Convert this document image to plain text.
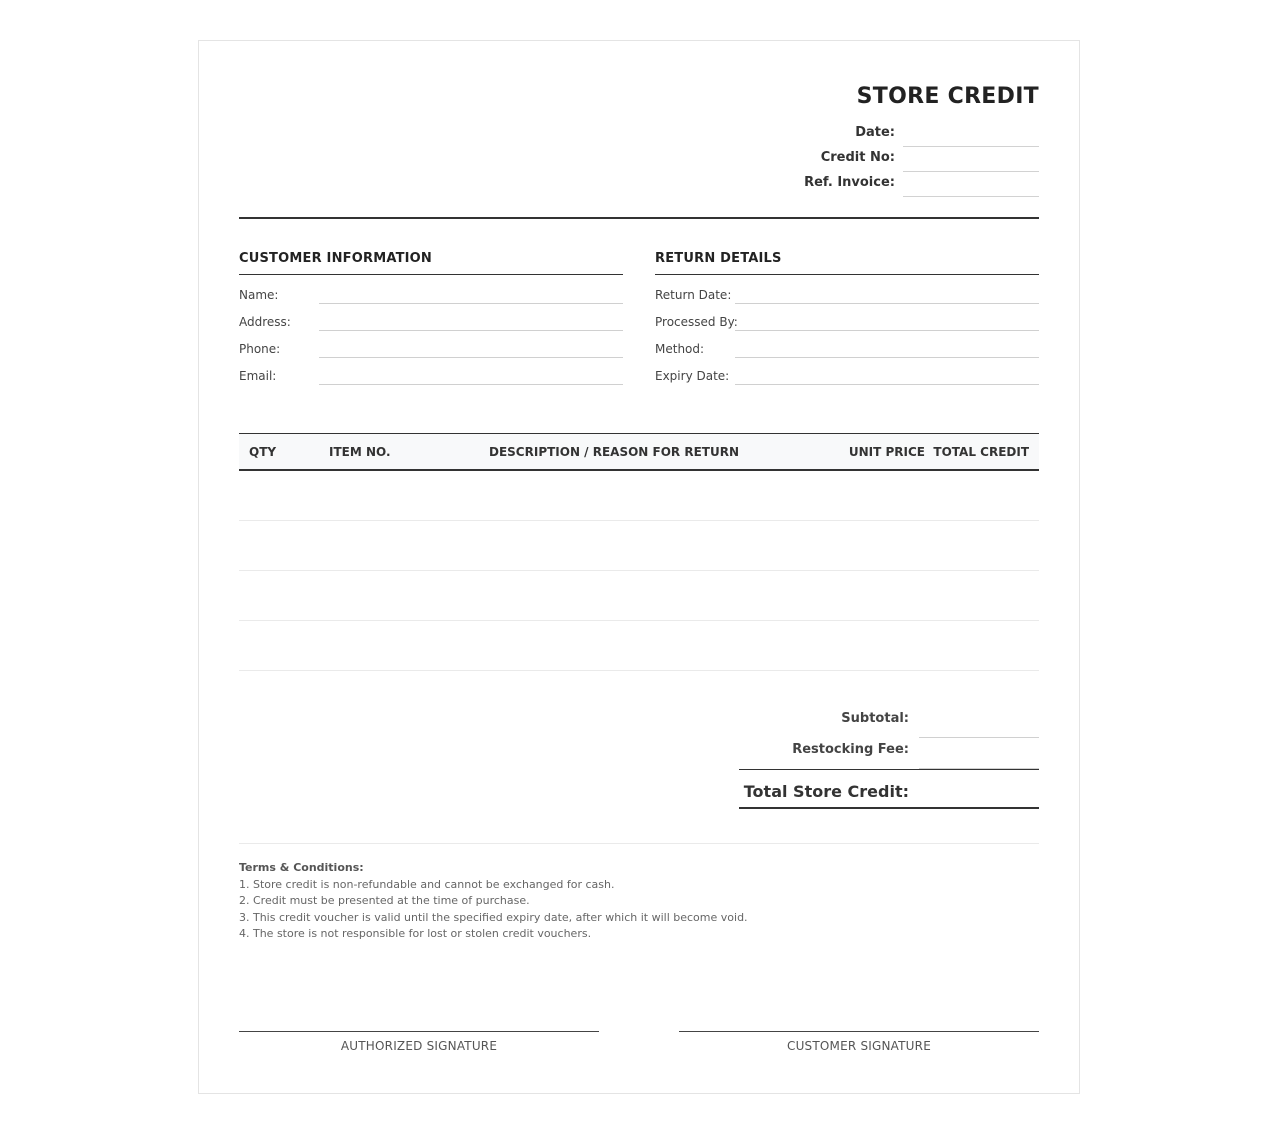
STORE CREDIT
Date:
Credit No:
Ref. Invoice:
CUSTOMER INFORMATION
Name:
Address:
Phone:
Email:
RETURN DETAILS
Return Date:
Processed By:
Method:
Expiry Date:
QTY	ITEM NO.	DESCRIPTION / REASON FOR RETURN	UNIT PRICE TOTAL CREDIT
Subtotal:
Restocking Fee:
Total Store Credit:
Terms & Conditions:
1. Store credit is non-refundable and cannot be exchanged for cash.
2. Credit must be presented at the time of purchase.
3. This credit voucher is valid until the specified expiry date, after which it will become void.
4. The store is not responsible for lost or stolen credit vouchers.
AUTHORIZED SIGNATURE	CUSTOMER SIGNATURE
